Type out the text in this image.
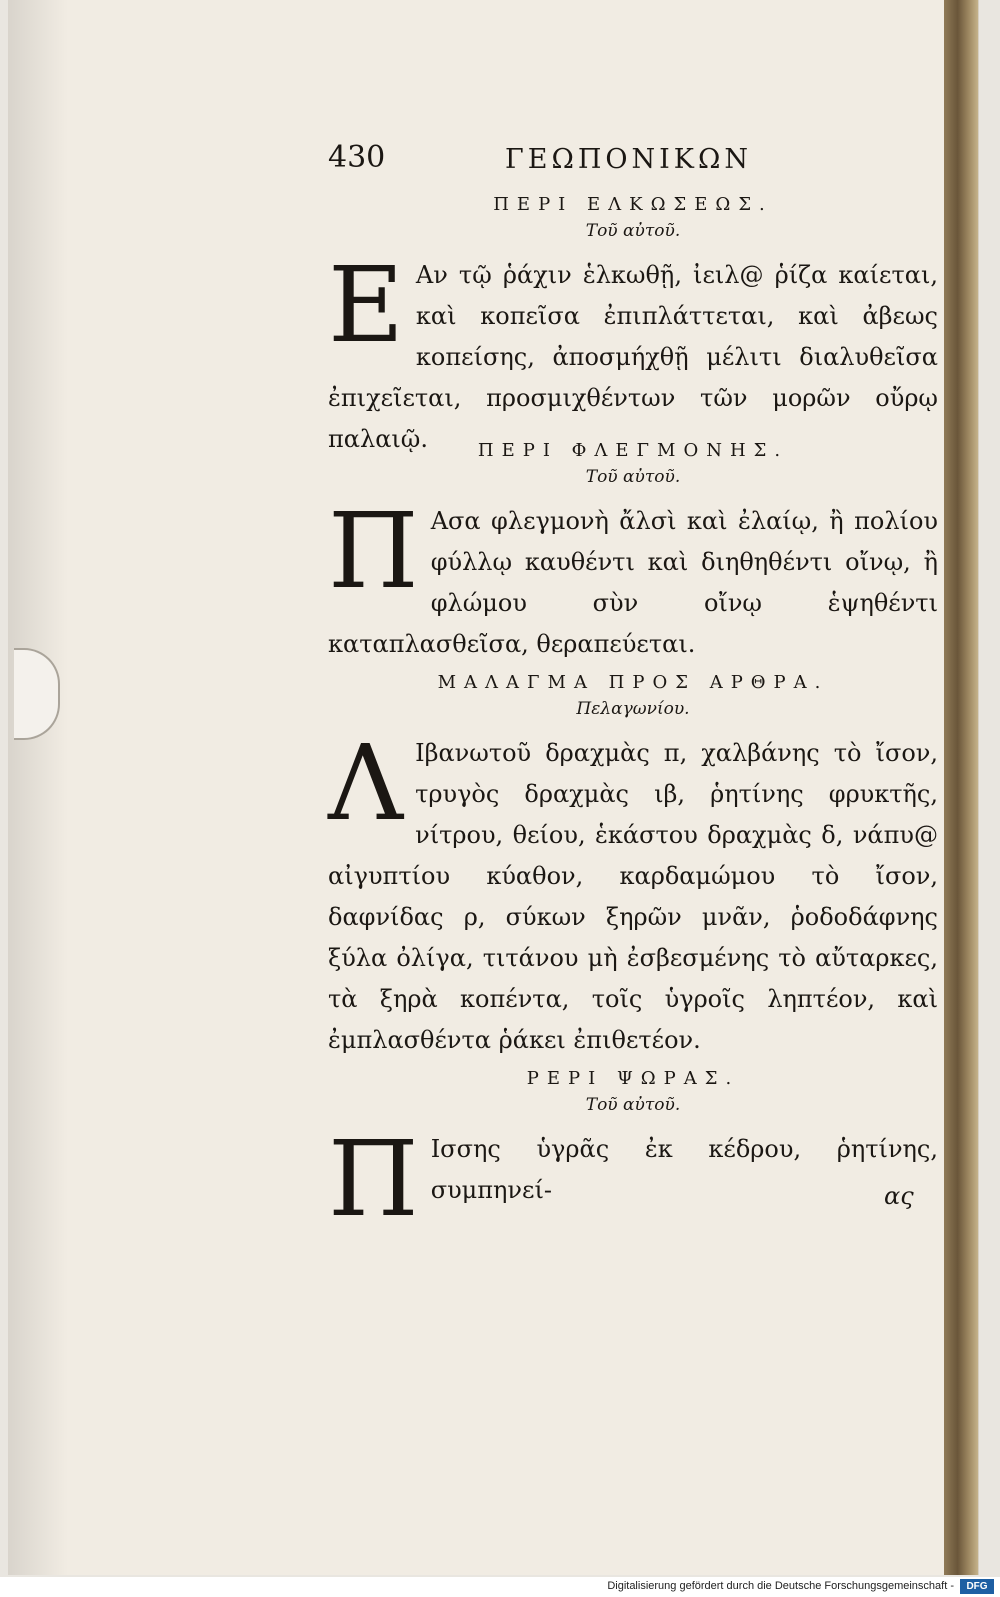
430	ΓΕΩΠΟΝΙΚΩΝ

ΠΕΡΙ ΕΛΚΩΣΕΩΣ.

Τοῦ αὐτοῦ.

E Αν τῷ ῥάχιν ἑλκωθῇ, ἰειλ@ ῥίζα καίεται, καὶ κοπεῖσα ἐπιπλάττεται, καὶ ἀβεως κοπείσης, ἀποσμήχθῇ μέλιτι διαλυθεῖσα ἐπιχεῖεται, προσμιχθέντων τῶν μορῶν οὔρῳ παλαιῷ.	ΠΕΡΙ ΦΛΕΓΜΟΝΗΣ.

Τοῦ αὐτοῦ.

Π Ασα φλεγμονὴ ἄλσὶ καὶ ἐλαίῳ, ἢ πολίου φύλλῳ καυθέντι καὶ διηθηθέντι οἴνῳ, ἢ φλώμου σὺν οἴνῳ ἑψηθέντι καταπλασθεῖσα, θεραπεύεται.

ΜΑΛΑΓΜΑ ΠΡΟΣ ΑΡΘΡΑ.

Πελαγωνίου.

Λ Ιβανωτοῦ δραχμὰς π, χαλβάνης τὸ ἴσον, τρυγὸς δραχμὰς ιβ, ῥητίνης φρυκτῆς, νίτρου, θείου, ἑκάστου δραχμὰς δ, νάπυ@ αἰγυπτίου κύαθον, καρδαμώμου τὸ ἴσον, δαφνίδας ρ, σύκων ξηρῶν μνᾶν, ῥοδοδάφνης ξύλα ὀλίγα, τιτάνου μὴ ἐσβεσμένης τὸ αὔταρκες, τὰ ξηρὰ κοπέντα, τοῖς ὑγροῖς ληπτέον, καὶ ἐμπλασθέντα ῥάκει ἐπιθετέον.

ΡΕΡΙ ΨΩΡΑΣ.

Τοῦ αὐτοῦ.

Π Ισσης ὑγρᾶς ἐκ κέδρου, ῥητίνης, συμπηνεί-	ας
Digitalisierung gefördert durch die Deutsche Forschungsgemeinschaft -	DFG
